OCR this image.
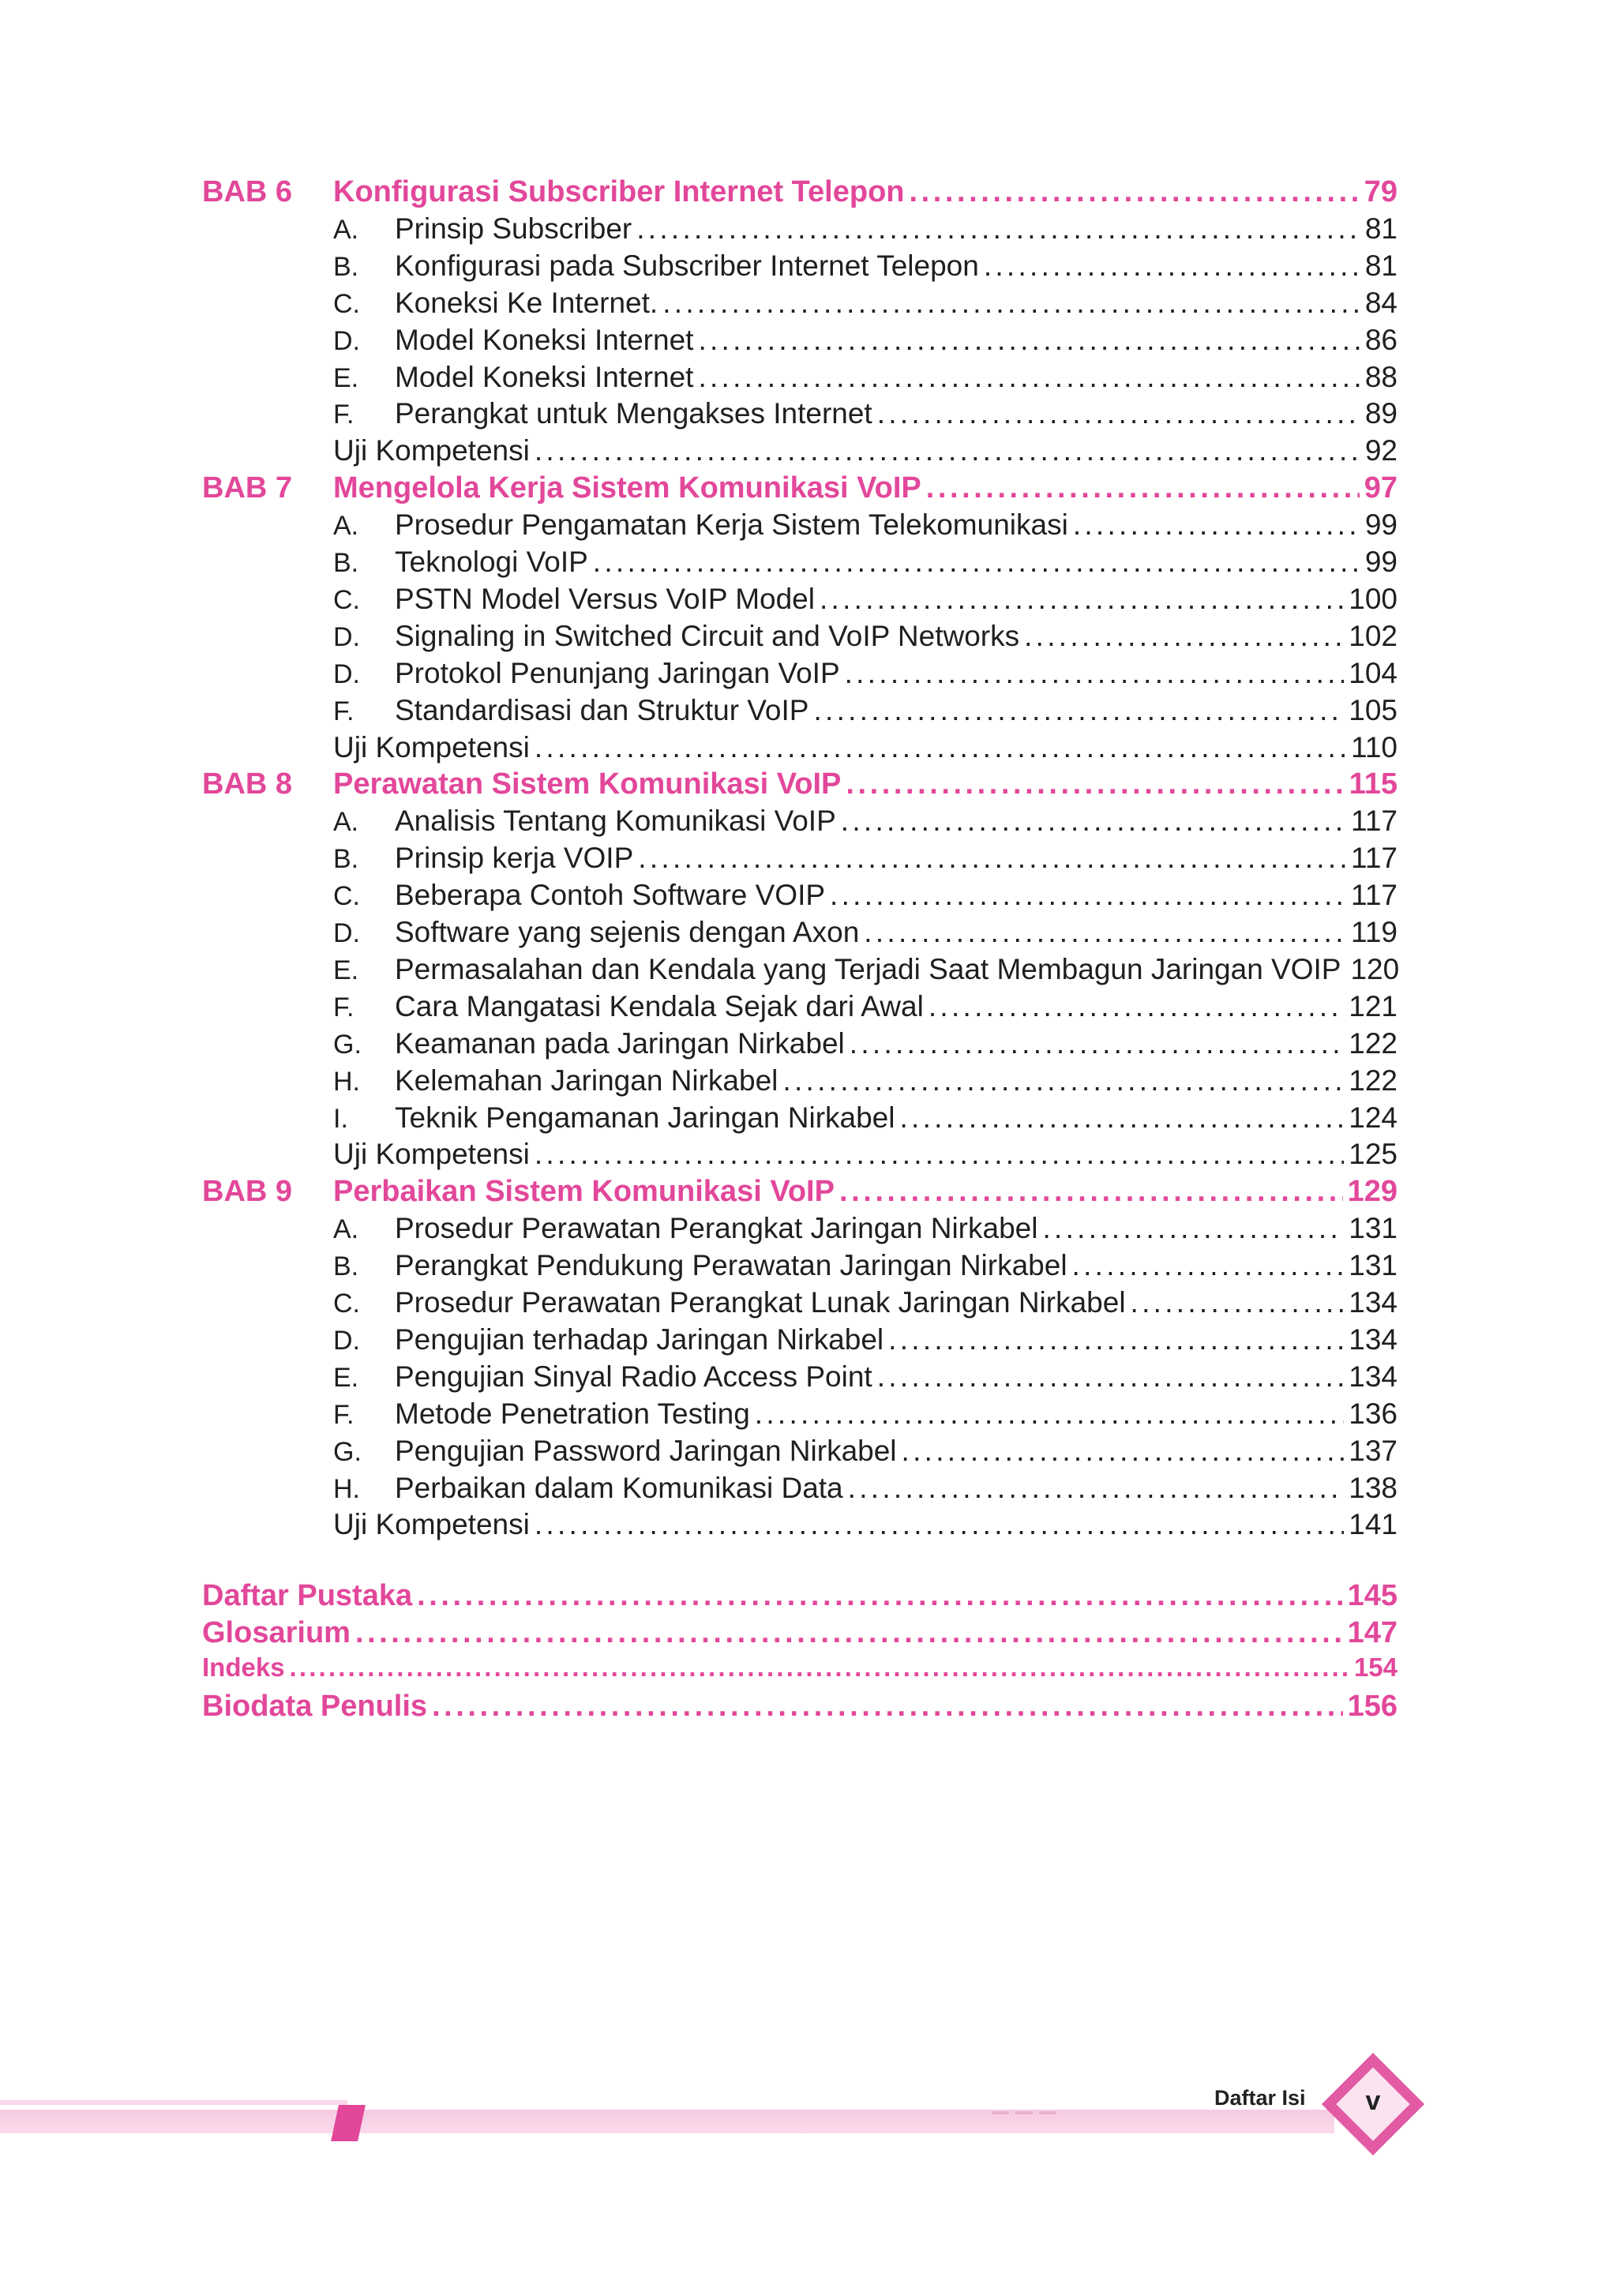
BAB 6	Konfigurasi Subscriber Internet Telepon . . .	79
A.	Prinsip Subscriber . . .	81
B.	Konfigurasi pada Subscriber Internet Telepon . . .	81
C.	Koneksi Ke Internet. . . .	84
D.	Model Koneksi Internet . . .	86
E.	Model Koneksi Internet . . .	88
F.	Perangkat untuk Mengakses Internet . . .	89
Uji Kompetensi . . .	92
BAB 7	Mengelola Kerja Sistem Komunikasi VoIP . . .	97
A.	Prosedur Pengamatan Kerja Sistem Telekomunikasi . . .	99
B.	Teknologi VoIP . . .	99
C.	PSTN Model Versus VoIP Model . . .	100
D.	Signaling in Switched Circuit and VoIP Networks . . .	102
D.	Protokol Penunjang Jaringan VoIP . . .	104
F.	Standardisasi dan Struktur VoIP . . .	105
Uji Kompetensi . . .	110
BAB 8	Perawatan Sistem Komunikasi VoIP . . .	115
A.	Analisis Tentang Komunikasi VoIP . . .	117
B.	Prinsip kerja VOIP . . .	117
C.	Beberapa Contoh Software VOIP . . .	117
D.	Software yang sejenis dengan Axon . . .	119
E.	Permasalahan dan Kendala yang Terjadi Saat Membagun Jaringan VOIP 120
F.	Cara Mangatasi Kendala Sejak dari Awal . . .	121
G.	Keamanan pada Jaringan Nirkabel . . .	122
H.	Kelemahan Jaringan Nirkabel . . .	122
I.	Teknik Pengamanan Jaringan Nirkabel . . .	124
Uji Kompetensi . . .	125
BAB 9	Perbaikan Sistem Komunikasi VoIP . . .	129
A.	Prosedur Perawatan Perangkat Jaringan Nirkabel . . .	131
B.	Perangkat Pendukung Perawatan Jaringan Nirkabel . . .	131
C.	Prosedur Perawatan Perangkat Lunak Jaringan Nirkabel . . .	134
D.	Pengujian terhadap Jaringan Nirkabel . . .	134
E.	Pengujian Sinyal Radio Access Point . . .	134
F.	Metode Penetration Testing . . .	136
G.	Pengujian Password Jaringan Nirkabel . . .	137
H.	Perbaikan dalam Komunikasi Data . . .	138
Uji Kompetensi . . .	141
Daftar Pustaka . . .	145
Glosarium . . .	147
Indeks . . .	154
Biodata Penulis . . .	156
Daftar Isi	v
